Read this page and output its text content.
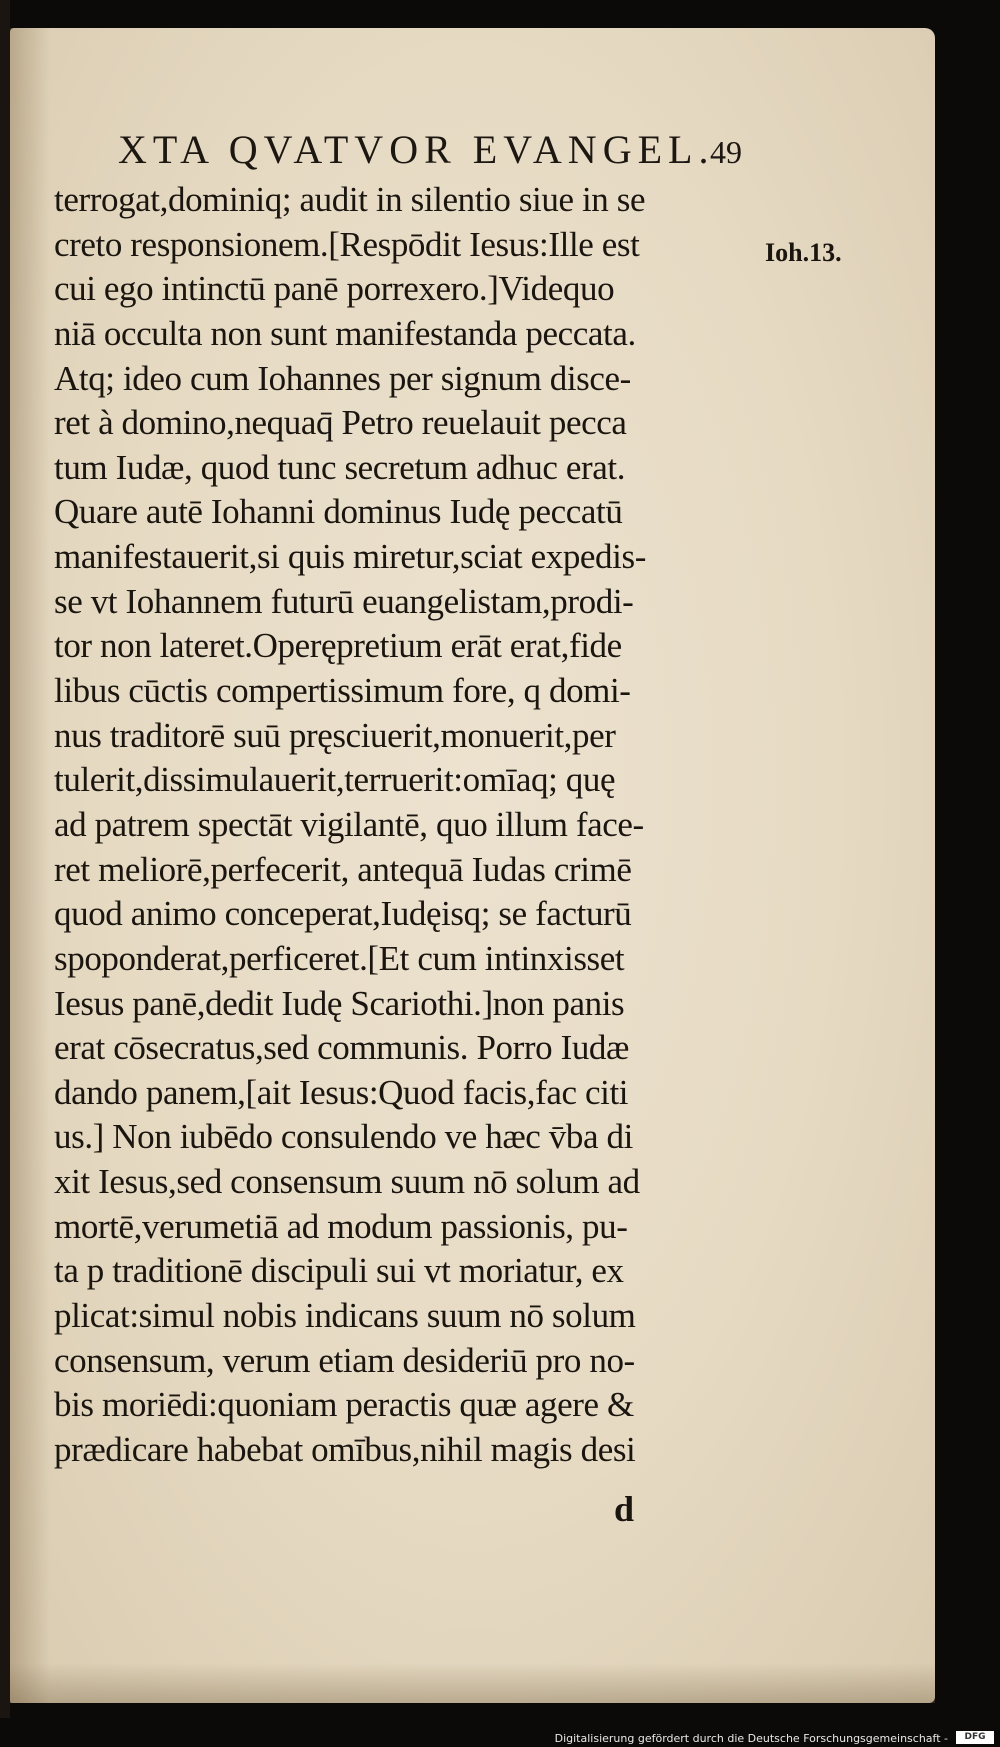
XTA QVATVOR EVANGEL.
49
Ioh.13.
terrogat,dominiq; audit in silentio siue in se
creto responsionem.[Respōdit Iesus:Ille est
cui ego intinctū panē porrexero.]Videquo
niā occulta non sunt manifestanda peccata.
Atq; ideo cum Iohannes per signum disce-
ret à domino,nequaq̄ Petro reuelauit pecca
tum Iudæ, quod tunc secretum adhuc erat.
Quare autē Iohanni dominus Iudę peccatū
manifestauerit,si quis miretur,sciat expedis-
se vt Iohannem futurū euangelistam,prodi-
tor non lateret.Operępretium erāt erat,fide
libus cūctis compertissimum fore, q domi-
nus traditorē suū pręsciuerit,monuerit,per
tulerit,dissimulauerit,terruerit:omīaq; quę
ad patrem spectāt vigilantē, quo illum face-
ret meliorē,perfecerit, antequā Iudas crimē
quod animo conceperat,Iudęisq; se facturū
spoponderat,perficeret.[Et cum intinxisset
Iesus panē,dedit Iudę Scariothi.]non panis
erat cōsecratus,sed communis. Porro Iudæ
dando panem,[ait Iesus:Quod facis,fac citi
us.] Non iubēdo consulendo ve hæc v̄ba di
xit Iesus,sed consensum suum nō solum ad
mortē,verumetiā ad modum passionis, pu-
ta p traditionē discipuli sui vt moriatur, ex
plicat:simul nobis indicans suum nō solum
consensum, verum etiam desideriū pro no-
bis moriēdi:quoniam peractis quæ agere &
prædicare habebat omībus,nihil magis desi
d
Digitalisierung gefördert durch die Deutsche Forschungsgemeinschaft -	DFG
